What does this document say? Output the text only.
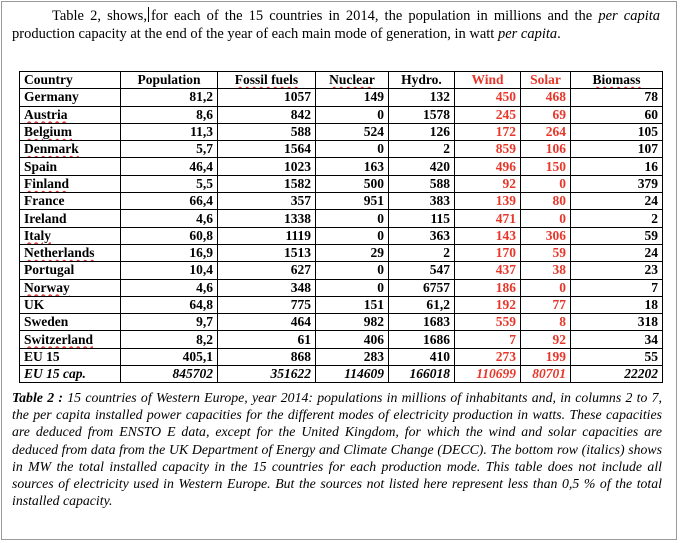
Table 2, shows, for each of the 15 countries in 2014, the population in millions and the per capita production capacity at the end of the year of each main mode of generation, in watt per capita.
Country	Population	Fossil fuels	Nuclear	Hydro.	Wind	Solar	Biomass
Germany	81,2	1057	149	132	450	468	78
Austria	8,6	842	0	1578	245	69	60
Belgium	11,3	588	524	126	172	264	105
Denmark	5,7	1564	0	2	859	106	107
Spain	46,4	1023	163	420	496	150	16
Finland	5,5	1582	500	588	92	0	379
France	66,4	357	951	383	139	80	24
Ireland	4,6	1338	0	115	471	0	2
Italy	60,8	1119	0	363	143	306	59
Netherlands	16,9	1513	29	2	170	59	24
Portugal	10,4	627	0	547	437	38	23
Norway	4,6	348	0	6757	186	0	7
UK	64,8	775	151	61,2	192	77	18
Sweden	9,7	464	982	1683	559	8	318
Switzerland	8,2	61	406	1686	7	92	34
EU 15	405,1	868	283	410	273	199	55
EU 15 cap.	845702	351622	114609	166018	110699	80701	22202
Table 2 : 15 countries of Western Europe, year 2014: populations in millions of inhabitants and, in columns 2 to 7, the per capita installed power capacities for the different modes of electricity production in watts. These capacities are deduced from ENSTO E data, except for the United Kingdom, for which the wind and solar capacities are deduced from data from the UK Department of Energy and Climate Change (DECC). The bottom row (italics) shows in MW the total installed capacity in the 15 countries for each production mode. This table does not include all sources of electricity used in Western Europe. But the sources not listed here represent less than 0,5 % of the total installed capacity.
